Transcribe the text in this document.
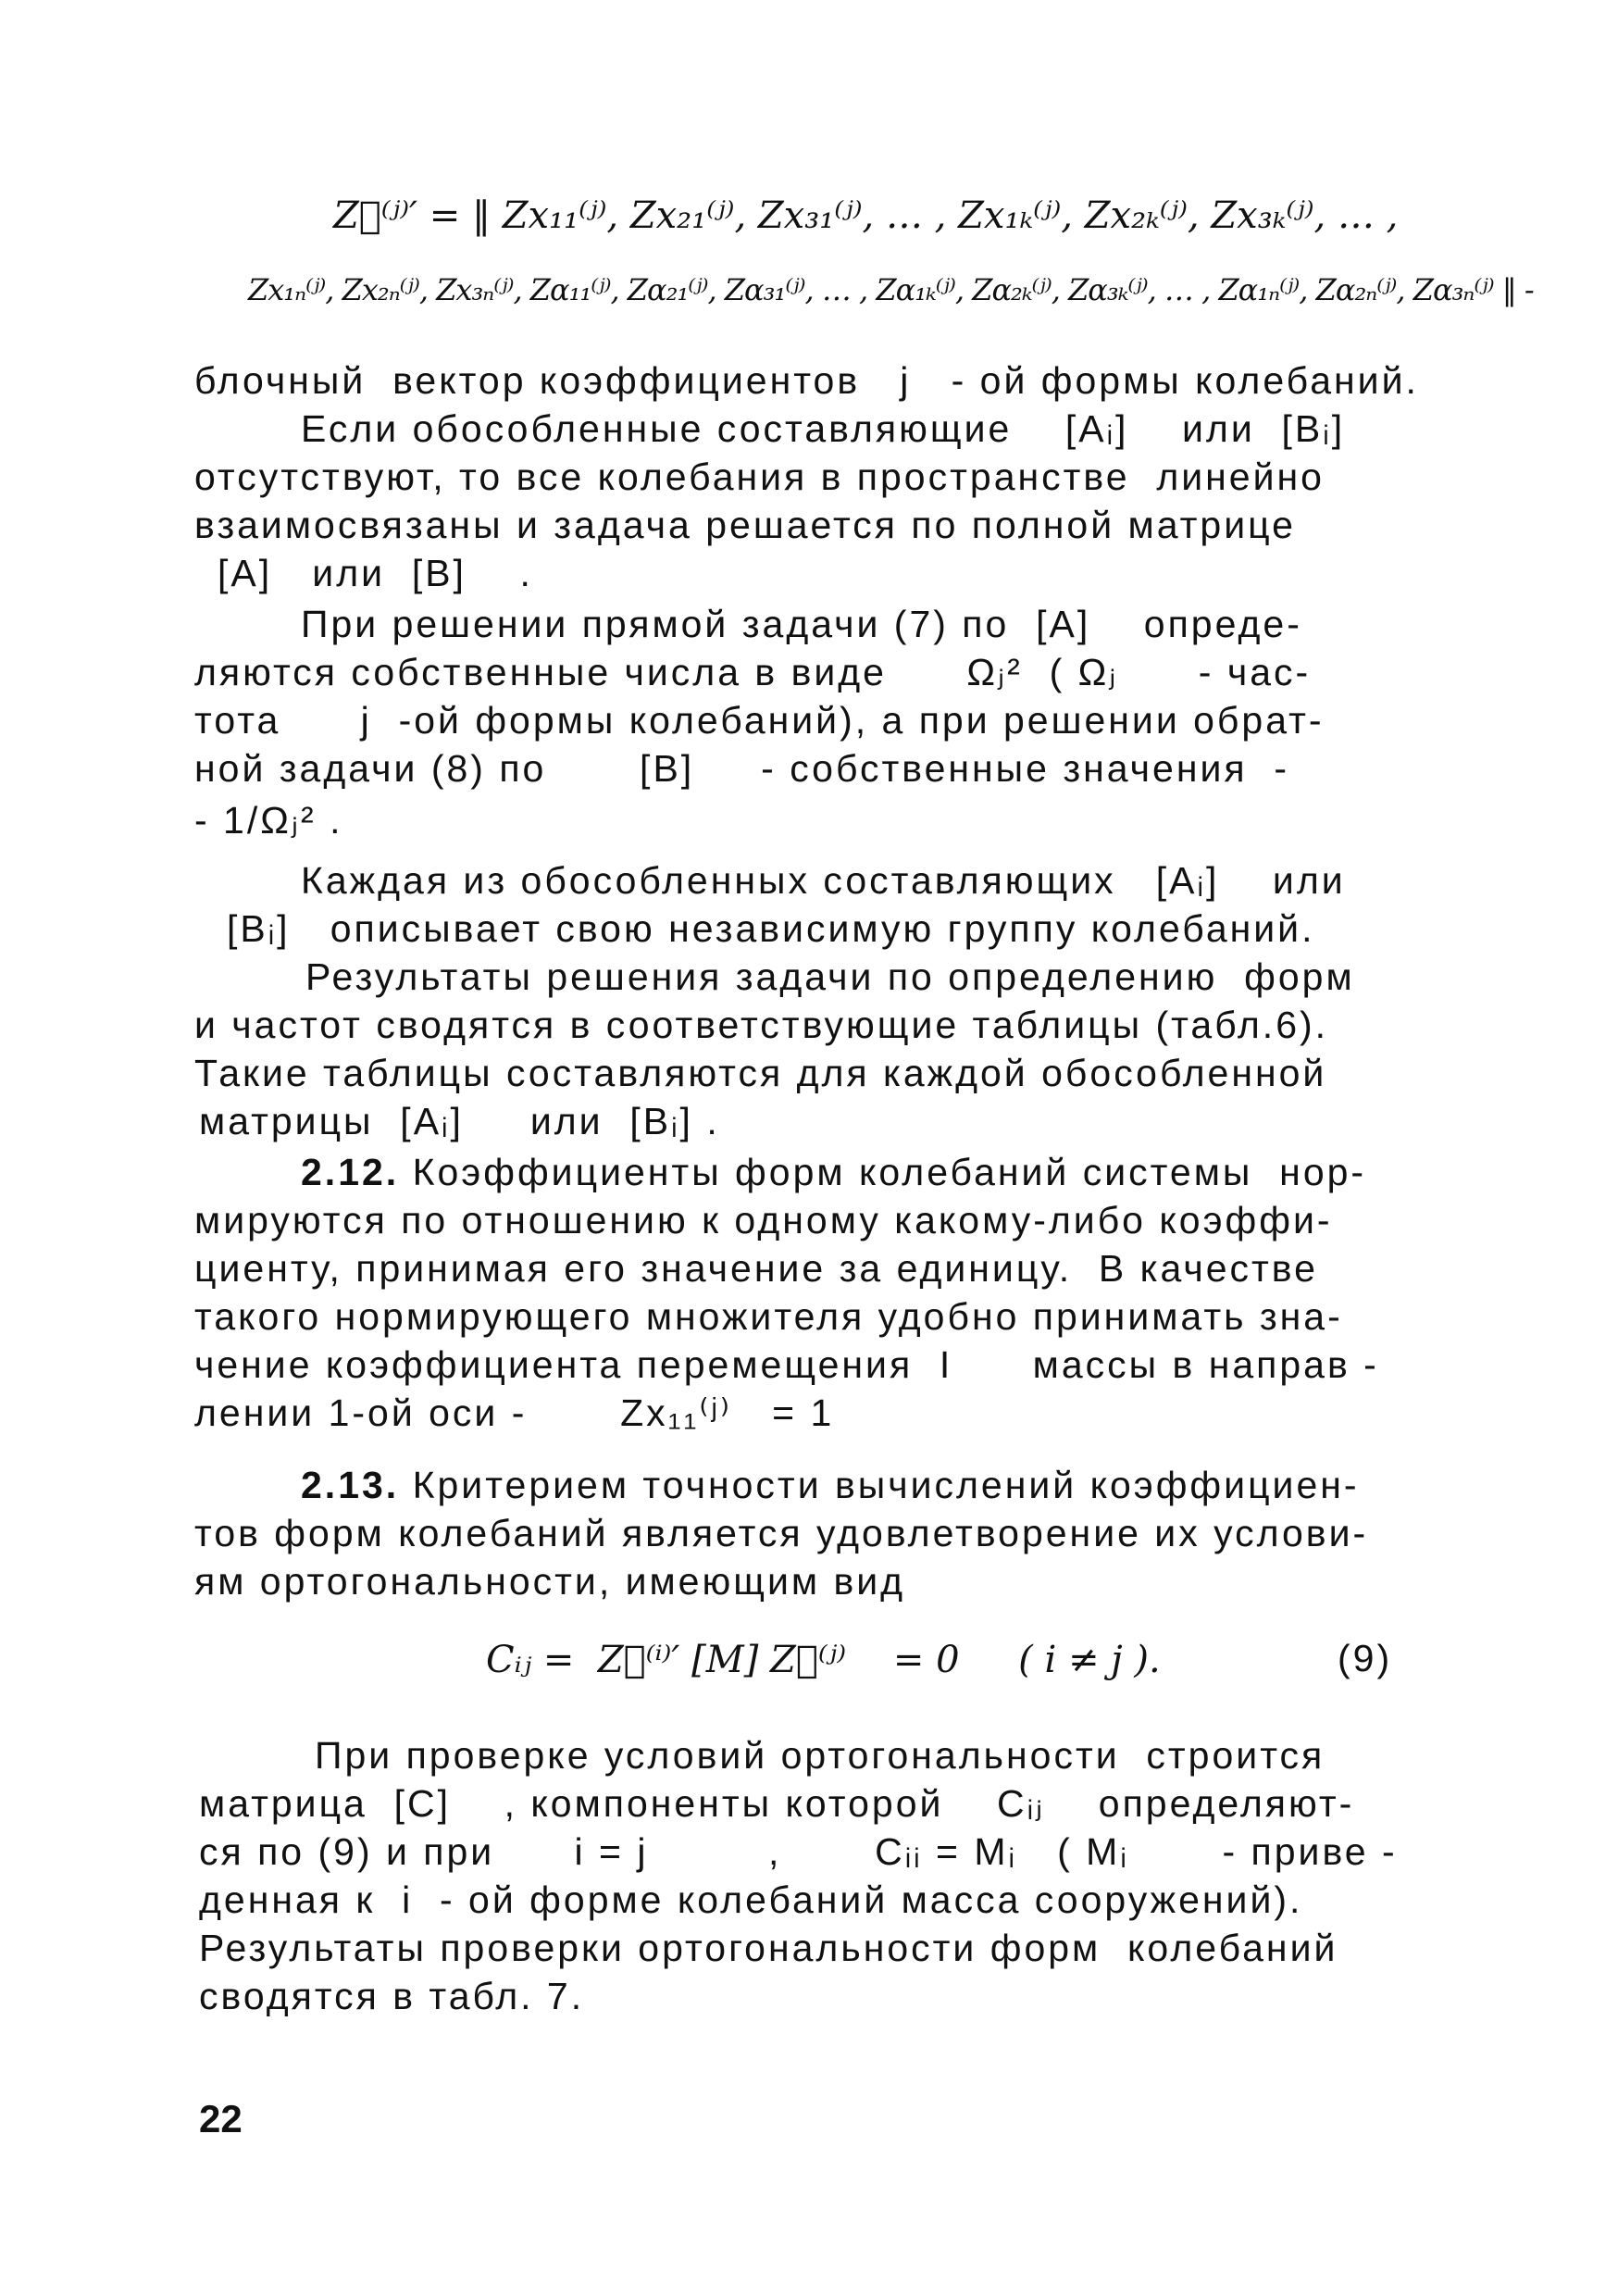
Z⃗⁽ʲ⁾′ = ‖ Zx₁₁⁽ʲ⁾, Zx₂₁⁽ʲ⁾, Zx₃₁⁽ʲ⁾, … , Zx₁ₖ⁽ʲ⁾, Zx₂ₖ⁽ʲ⁾, Zx₃ₖ⁽ʲ⁾, … ,
Zx₁ₙ⁽ʲ⁾, Zx₂ₙ⁽ʲ⁾, Zx₃ₙ⁽ʲ⁾, Zα₁₁⁽ʲ⁾, Zα₂₁⁽ʲ⁾, Zα₃₁⁽ʲ⁾, … , Zα₁ₖ⁽ʲ⁾, Zα₂ₖ⁽ʲ⁾, Zα₃ₖ⁽ʲ⁾, … , Zα₁ₙ⁽ʲ⁾, Zα₂ₙ⁽ʲ⁾, Zα₃ₙ⁽ʲ⁾ ‖ -
блочный  вектор коэффициентов   j   - ой формы колебаний.
Если обособленные составляющие    [Aᵢ]    или  [Bᵢ]
отсутствуют, то все колебания в пространстве  линейно
взаимосвязаны и задача решается по полной матрице
[A]   или  [B]    .
При решении прямой задачи (7) по  [A]    опреде-
ляются собственные числа в виде      Ωⱼ²  ( Ωⱼ      - час-
тота      j  -ой формы колебаний), а при решении обрат-
ной задачи (8) по       [B]     - собственные значения  -
- 1/Ωⱼ² .
Каждая из обособленных составляющих   [Aᵢ]    или
[Bᵢ]   описывает свою независимую группу колебаний.
Результаты решения задачи по определению  форм
и частот сводятся в соответствующие таблицы (табл.6).
Такие таблицы составляются для каждой обособленной
матрицы  [Aᵢ]     или  [Bᵢ] .
2.12. Коэффициенты форм колебаний системы  нор-
мируются по отношению к одному какому-либо коэффи-
циенту, принимая его значение за единицу.  В качестве
такого нормирующего множителя удобно принимать зна-
чение коэффициента перемещения  I      массы в направ -
лении 1-ой оси -       Zx₁₁⁽ʲ⁾   = 1
2.13. Критерием точности вычислений коэффициен-
тов форм колебаний является удовлетворение их услови-
ям ортогональности, имеющим вид
Cᵢⱼ =  Z⃗⁽ⁱ⁾′ [M] Z⃗⁽ʲ⁾    = 0     ( i ≠ j ).	(9)
При проверке условий ортогональности  строится
матрица  [C]    , компоненты которой    Cᵢⱼ    определяют-
ся по (9) и при      i = j         ,       Cᵢᵢ = Mᵢ   ( Mᵢ       - приве -
денная к  i  - ой форме колебаний масса сооружений).
Результаты проверки ортогональности форм  колебаний
сводятся в табл. 7.
22
